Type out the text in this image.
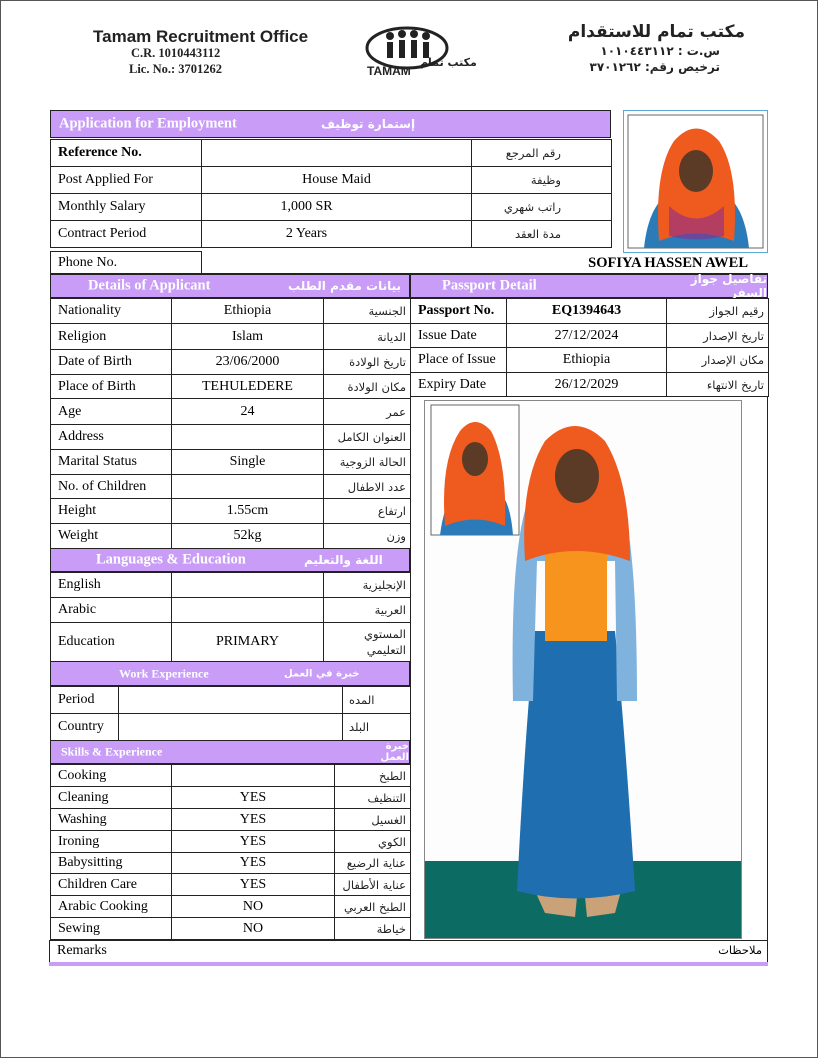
Tamam Recruitment Office
C.R. 1010443112
Lic. No.: 3701262	TAMAM
مكتب تمام
مكتب تمام للاستقدام
س.ت : ١٠١٠٤٤٣١١٢
ترخيص رقم: ٣٧٠١٢٦٢
Application for Employment	إستمارة توظيف
Reference No.		رقم المرجع
Post Applied For	House Maid	وظيفة
Monthly Salary	1,000 SR	راتب شهري
Contract Period	2 Years	مدة العقد
Phone No.	SOFIYA HASSEN AWEL
Details of Applicant	بيانات مقدم الطلب
Nationality	Ethiopia	الجنسية
Religion	Islam	الديانة
Date of Birth	23/06/2000	تاريخ الولادة
Place of Birth	TEHULEDERE	مكان الولادة
Age	24	عمر
Address		العنوان الكامل
Marital Status	Single	الحالة الزوجية
No. of Children		عدد الاطفال
Height	1.55cm	ارتفاع
Weight	52kg	وزن
Languages & Education	اللغة والتعليم
English		الإنجليزية
Arabic		العربية
Education	PRIMARY	المستوي التعليمي
Work Experience	خبرة في العمل
Period		المده
Country		البلد
Skills & Experience	خبرة العمل
Cooking		الطبخ
Cleaning	YES	التنظيف
Washing	YES	الغسيل
Ironing	YES	الكوي
Babysitting	YES	عناية الرضيع
Children Care	YES	عناية الأطفال
Arabic Cooking	NO	الطبخ العربي
Sewing	NO	خياطة
Passport Detail	تفاصيل جواز السفر
Passport No.	EQ1394643	رقيم الجواز
Issue Date	27/12/2024	تاريخ الإصدار
Place of Issue	Ethiopia	مكان الإصدار
Expiry Date	26/12/2029	تاريخ الانتهاء
Remarks	ملاحظات
